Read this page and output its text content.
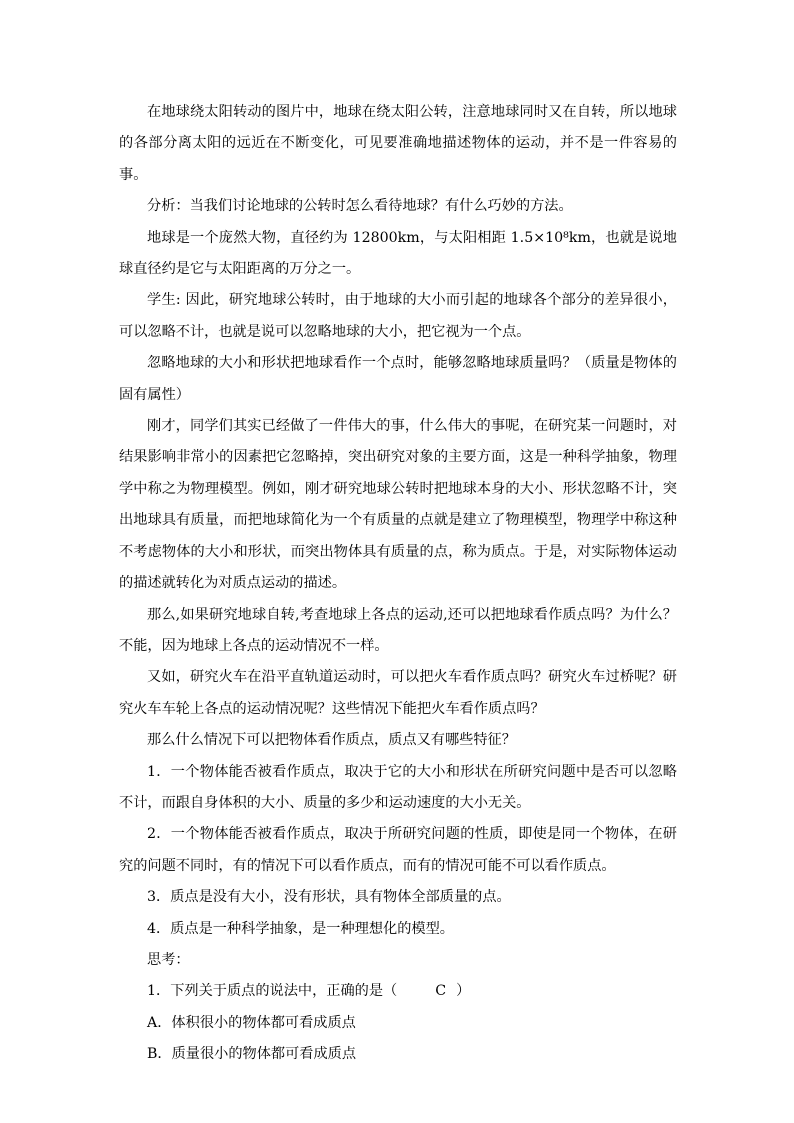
在地球绕太阳转动的图片中，地球在绕太阳公转，注意地球同时又在自转，所以地球的各部分离太阳的远近在不断变化，可见要准确地描述物体的运动，并不是一件容易的事。

分析：当我们讨论地球的公转时怎么看待地球？有什么巧妙的方法。

地球是一个庞然大物，直径约为 12800km，与太阳相距 1.5×10⁸km，也就是说地球直径约是它与太阳距离的万分之一。

学生: 因此，研究地球公转时，由于地球的大小而引起的地球各个部分的差异很小，可以忽略不计，也就是说可以忽略地球的大小，把它视为一个点。

忽略地球的大小和形状把地球看作一个点时，能够忽略地球质量吗？（质量是物体的固有属性）

刚才，同学们其实已经做了一件伟大的事，什么伟大的事呢，在研究某一问题时，对结果影响非常小的因素把它忽略掉，突出研究对象的主要方面，这是一种科学抽象，物理学中称之为物理模型。例如，刚才研究地球公转时把地球本身的大小、形状忽略不计，突出地球具有质量，而把地球简化为一个有质量的点就是建立了物理模型，物理学中称这种不考虑物体的大小和形状，而突出物体具有质量的点，称为质点。于是，对实际物体运动的描述就转化为对质点运动的描述。

那么,如果研究地球自转,考查地球上各点的运动,还可以把地球看作质点吗？为什么？不能，因为地球上各点的运动情况不一样。

又如，研究火车在沿平直轨道运动时，可以把火车看作质点吗？研究火车过桥呢？研究火车车轮上各点的运动情况呢？这些情况下能把火车看作质点吗？

那么什么情况下可以把物体看作质点，质点又有哪些特征？

1．一个物体能否被看作质点，取决于它的大小和形状在所研究问题中是否可以忽略不计，而跟自身体积的大小、质量的多少和运动速度的大小无关。

2．一个物体能否被看作质点，取决于所研究问题的性质，即使是同一个物体，在研究的问题不同时，有的情况下可以看作质点，而有的情况可能不可以看作质点。

3．质点是没有大小，没有形状，具有物体全部质量的点。

4．质点是一种科学抽象，是一种理想化的模型。

思考：

1．下列关于质点的说法中，正确的是（	C ）

A．体积很小的物体都可看成质点

B．质量很小的物体都可看成质点
